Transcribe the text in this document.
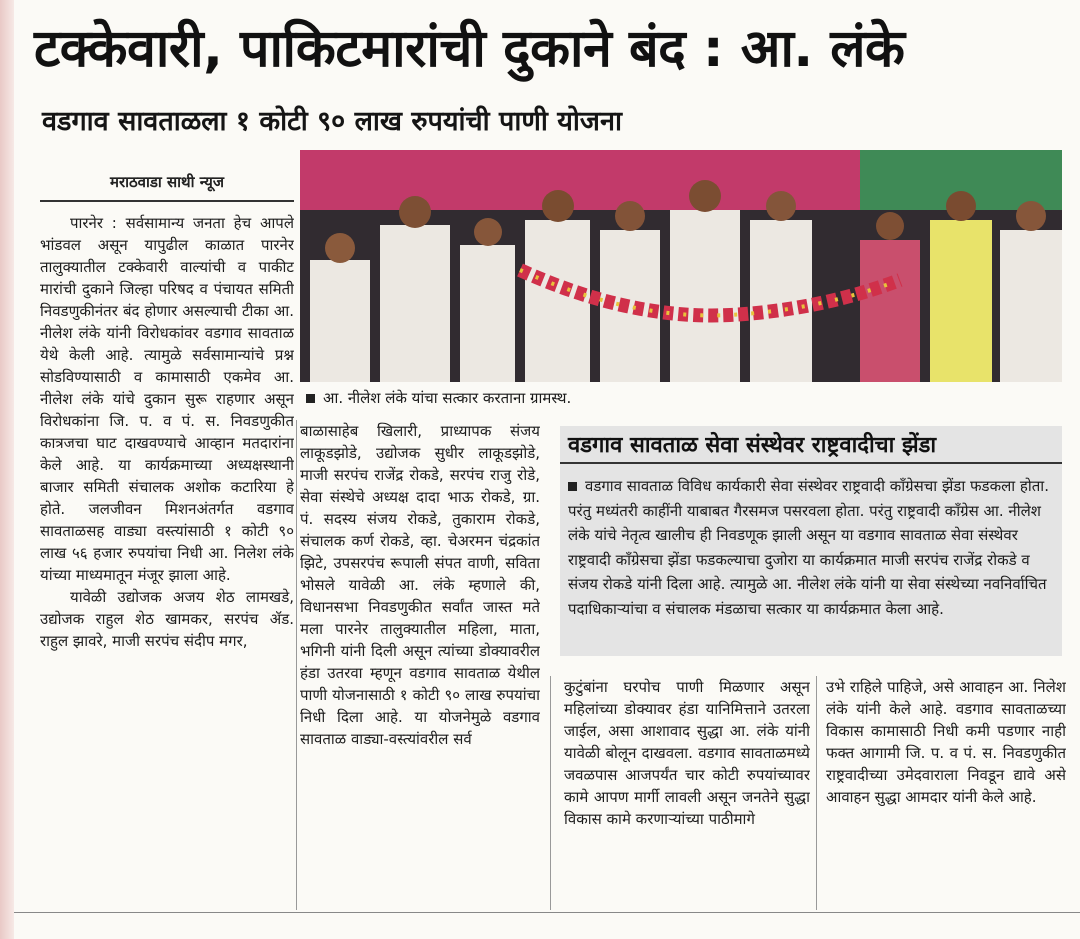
टक्केवारी, पाकिटमारांची दुकाने बंद : आ. लंके
वडगाव सावताळला १ कोटी ९० लाख रुपयांची पाणी योजना
मराठवाडा साथी न्यूज

पारनेर : सर्वसामान्य जनता हेच आपले भांडवल असून यापुढील काळात पारनेर तालुक्यातील टक्केवारी वाल्यांची व पाकीट मारांची दुकाने जिल्हा परिषद व पंचायत समिती निवडणुकीनंतर बंद होणार असल्याची टीका आ. नीलेश लंके यांनी विरोधकांवर वडगाव सावताळ येथे केली आहे. त्यामुळे सर्वसामान्यांचे प्रश्न सोडविण्यासाठी व कामासाठी एकमेव आ. नीलेश लंके यांचे दुकान सुरू राहणार असून विरोधकांना जि. प. व पं. स. निवडणुकीत कात्रजचा घाट दाखवण्याचे आव्हान मतदारांना केले आहे. या कार्यक्रमाच्या अध्यक्षस्थानी बाजार समिती संचालक अशोक कटारिया हे होते. जलजीवन मिशनअंतर्गत वडगाव सावताळसह वाड्या वस्त्यांसाठी १ कोटी ९० लाख ५६ हजार रुपयांचा निधी आ. निलेश लंके यांच्या माध्यमातून मंजूर झाला आहे.

यावेळी उद्योजक अजय शेठ लामखडे, उद्योजक राहुल शेठ खामकर, सरपंच ॲड. राहुल झावरे, माजी सरपंच संदीप मगर,

आ. नीलेश लंके यांचा सत्कार करताना ग्रामस्थ.

बाळासाहेब खिलारी, प्राध्यापक संजय लाकूडझोडे, उद्योजक सुधीर लाकूडझोडे, माजी सरपंच राजेंद्र रोकडे, सरपंच राजु रोडे, सेवा संस्थेचे अध्यक्ष दादा भाऊ रोकडे, ग्रा. पं. सदस्य संजय रोकडे, तुकाराम रोकडे, संचालक कर्ण रोकडे, व्हा. चेअरमन चंद्रकांत झिटे, उपसरपंच रूपाली संपत वाणी, सविता भोसले यावेळी आ. लंके म्हणाले की, विधानसभा निवडणुकीत सर्वांत जास्त मते मला पारनेर तालुक्यातील महिला, माता, भगिनी यांनी दिली असून त्यांच्या डोक्यावरील हंडा उतरवा म्हणून वडगाव सावताळ येथील पाणी योजनासाठी १ कोटी ९० लाख रुपयांचा निधी दिला आहे. या योजनेमुळे वडगाव सावताळ वाड्या-वस्त्यांवरील सर्व

वडगाव सावताळ सेवा संस्थेवर राष्ट्रवादीचा झेंडा
वडगाव सावताळ विविध कार्यकारी सेवा संस्थेवर राष्ट्रवादी काँग्रेसचा झेंडा फडकला होता. परंतु मध्यंतरी काहींनी याबाबत गैरसमज पसरवला होता. परंतु राष्ट्रवादी काँग्रेस आ. नीलेश लंके यांचे नेतृत्व खालीच ही निवडणूक झाली असून या वडगाव सावताळ सेवा संस्थेवर राष्ट्रवादी काँग्रेसचा झेंडा फडकल्याचा दुजोरा या कार्यक्रमात माजी सरपंच राजेंद्र रोकडे व संजय रोकडे यांनी दिला आहे. त्यामुळे आ. नीलेश लंके यांनी या सेवा संस्थेच्या नवनिर्वाचित पदाधिकाऱ्यांचा व संचालक मंडळाचा सत्कार या कार्यक्रमात केला आहे.

कुटुंबांना घरपोच पाणी मिळणार असून महिलांच्या डोक्यावर हंडा यानिमित्ताने उतरला जाईल, असा आशावाद सुद्धा आ. लंके यांनी यावेळी बोलून दाखवला. वडगाव सावताळमध्ये जवळपास आजपर्यंत चार कोटी रुपयांच्यावर कामे आपण मार्गी लावली असून जनतेने सुद्धा विकास कामे करणाऱ्यांच्या पाठीमागे

उभे राहिले पाहिजे, असे आवाहन आ. निलेश लंके यांनी केले आहे. वडगाव सावताळच्या विकास कामासाठी निधी कमी पडणार नाही फक्त आगामी जि. प. व पं. स. निवडणुकीत राष्ट्रवादीच्या उमेदवाराला निवडून द्यावे असे आवाहन सुद्धा आमदार यांनी केले आहे.
